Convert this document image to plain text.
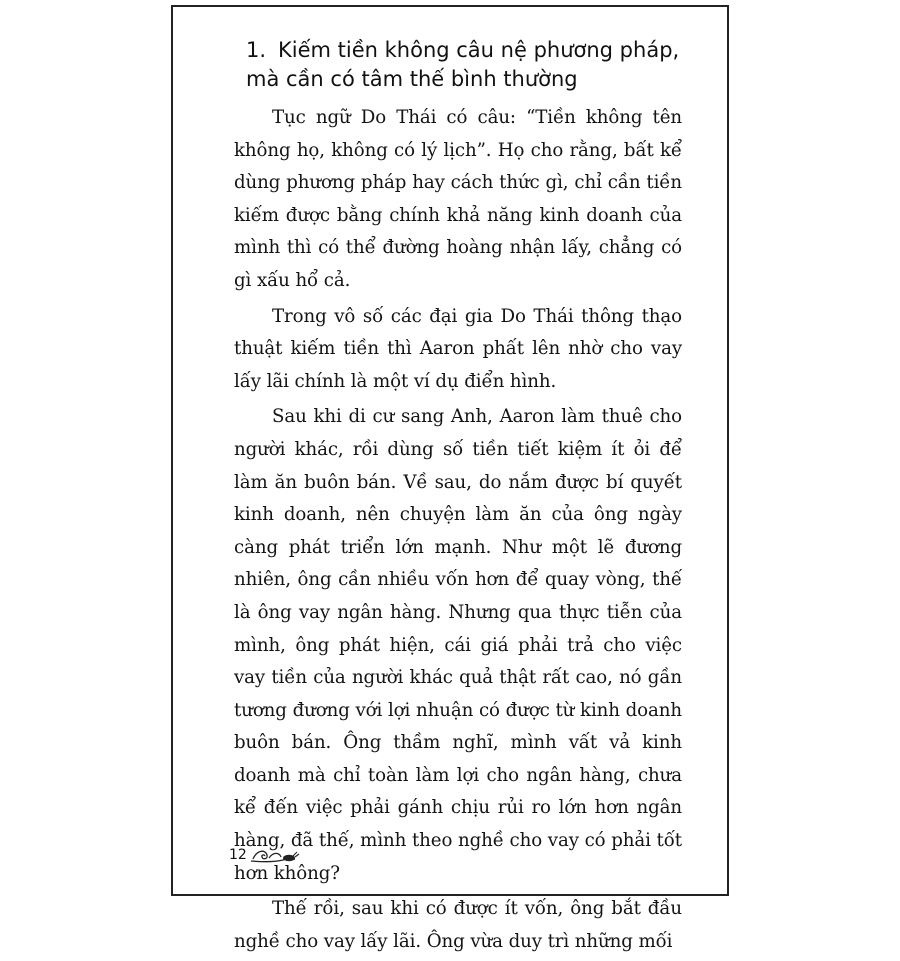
1. Kiếm tiền không câu nệ phương pháp, mà cần có tâm thế bình thường

Tục ngữ Do Thái có câu: “Tiền không tên không họ, không có lý lịch”. Họ cho rằng, bất kể dùng phương pháp hay cách thức gì, chỉ cần tiền kiếm được bằng chính khả năng kinh doanh của mình thì có thể đường hoàng nhận lấy, chẳng có gì xấu hổ cả.

Trong vô số các đại gia Do Thái thông thạo thuật kiếm tiền thì Aaron phất lên nhờ cho vay lấy lãi chính là một ví dụ điển hình.

Sau khi di cư sang Anh, Aaron làm thuê cho người khác, rồi dùng số tiền tiết kiệm ít ỏi để làm ăn buôn bán. Về sau, do nắm được bí quyết kinh doanh, nên chuyện làm ăn của ông ngày càng phát triển lớn mạnh. Như một lẽ đương nhiên, ông cần nhiều vốn hơn để quay vòng, thế là ông vay ngân hàng. Nhưng qua thực tiễn của mình, ông phát hiện, cái giá phải trả cho việc vay tiền của người khác quả thật rất cao, nó gần tương đương với lợi nhuận có được từ kinh doanh buôn bán. Ông thầm nghĩ, mình vất vả kinh doanh mà chỉ toàn làm lợi cho ngân hàng, chưa kể đến việc phải gánh chịu rủi ro lớn hơn ngân hàng, đã thế, mình theo nghề cho vay có phải tốt hơn không?

Thế rồi, sau khi có được ít vốn, ông bắt đầu nghề cho vay lấy lãi. Ông vừa duy trì những mối

12
